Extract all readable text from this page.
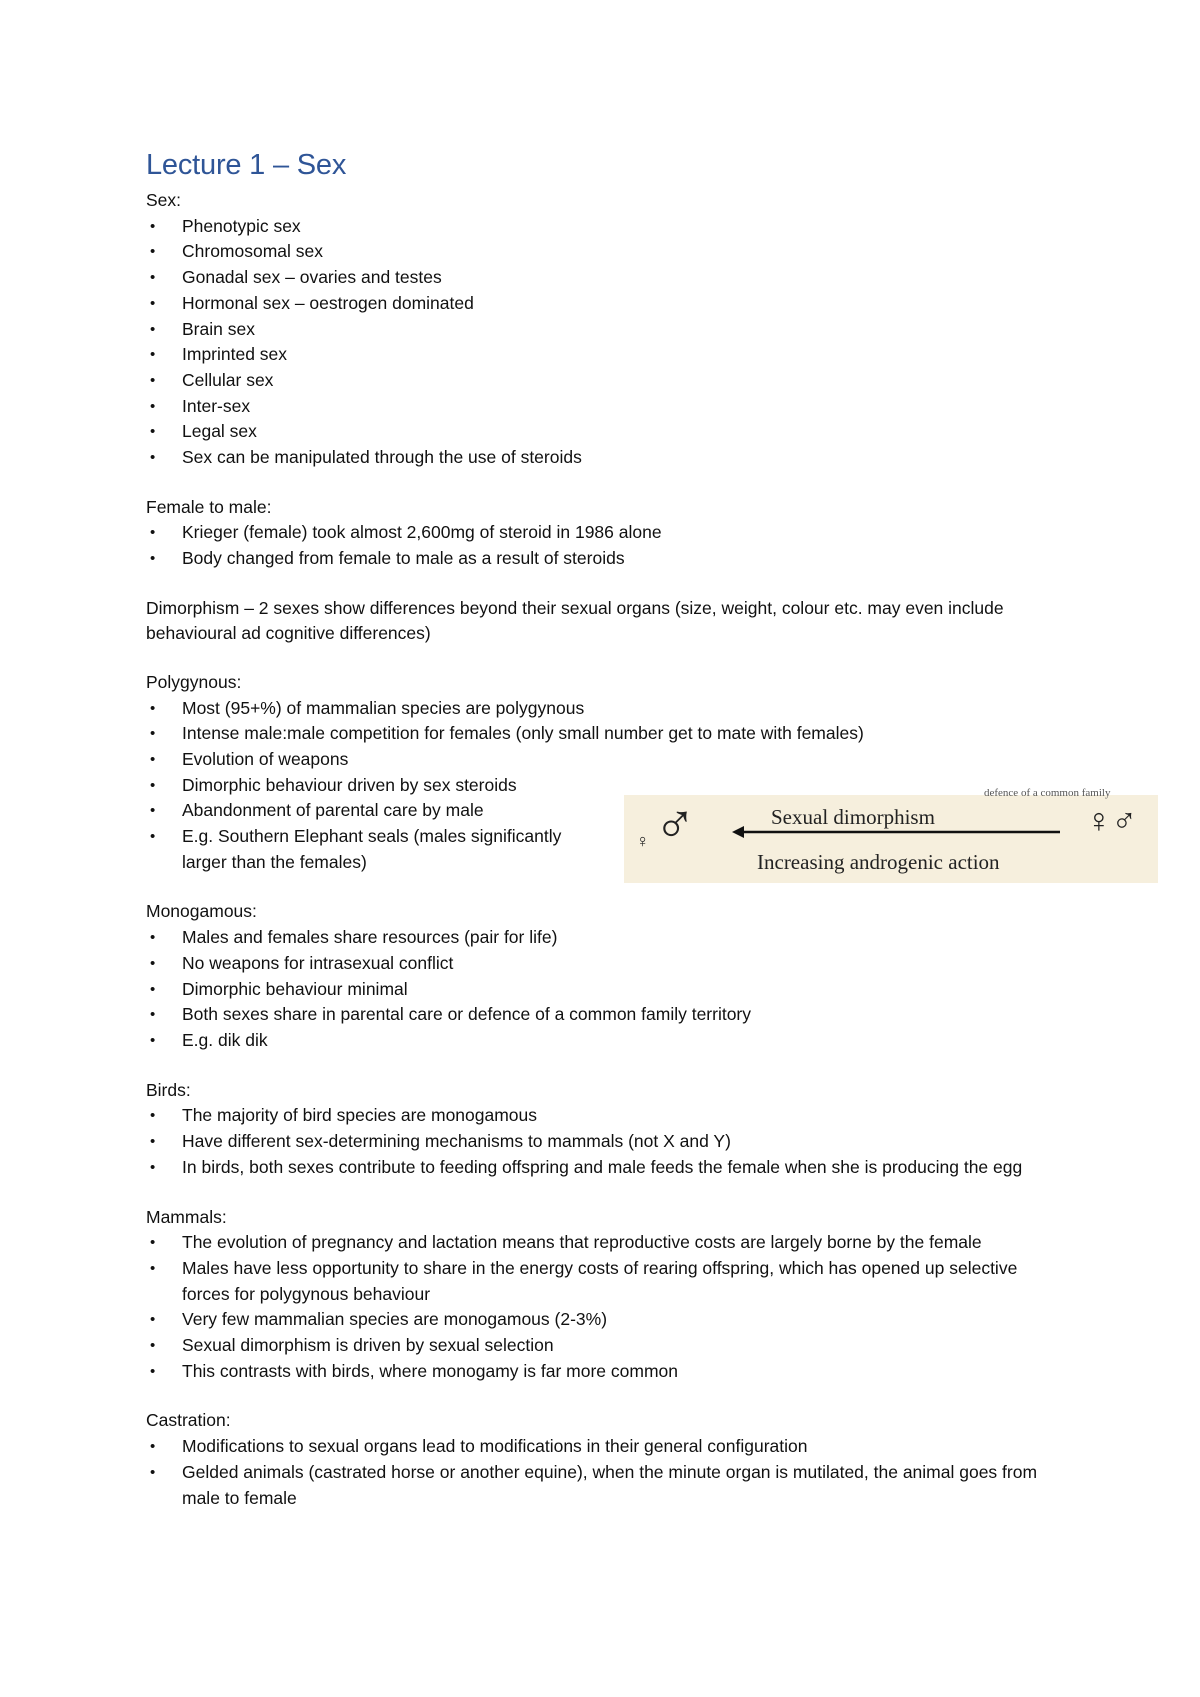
Lecture 1 – Sex
Sex:
• Phenotypic sex
• Chromosomal sex
• Gonadal sex – ovaries and testes
• Hormonal sex – oestrogen dominated
• Brain sex
• Imprinted sex
• Cellular sex
• Inter-sex
• Legal sex
• Sex can be manipulated through the use of steroids
Female to male:
• Krieger (female) took almost 2,600mg of steroid in 1986 alone
• Body changed from female to male as a result of steroids
Dimorphism – 2 sexes show differences beyond their sexual organs (size, weight, colour etc. may even include behavioural ad cognitive differences)
Polygynous:
• Most (95+%) of mammalian species are polygynous
• Intense male:male competition for females (only small number get to mate with females)
• Evolution of weapons
• Dimorphic behaviour driven by sex steroids
• Abandonment of parental care by male
• E.g. Southern Elephant seals (males significantly larger than the females)
Monogamous:
• Males and females share resources (pair for life)
• No weapons for intrasexual conflict
• Dimorphic behaviour minimal
• Both sexes share in parental care or defence of a common family territory
• E.g. dik dik
Birds:
• The majority of bird species are monogamous
• Have different sex-determining mechanisms to mammals (not X and Y)
• In birds, both sexes contribute to feeding offspring and male feeds the female when she is producing the egg
Mammals:
• The evolution of pregnancy and lactation means that reproductive costs are largely borne by the female
• Males have less opportunity to share in the energy costs of rearing offspring, which has opened up selective forces for polygynous behaviour
• Very few mammalian species are monogamous (2-3%)
• Sexual dimorphism is driven by sexual selection
• This contrasts with birds, where monogamy is far more common
Castration:
• Modifications to sexual organs lead to modifications in their general configuration
• Gelded animals (castrated horse or another equine), when the minute organ is mutilated, the animal goes from male to female
defence of a common family
♀ ♂	Sexual dimorphism
Increasing androgenic action
♀♂
